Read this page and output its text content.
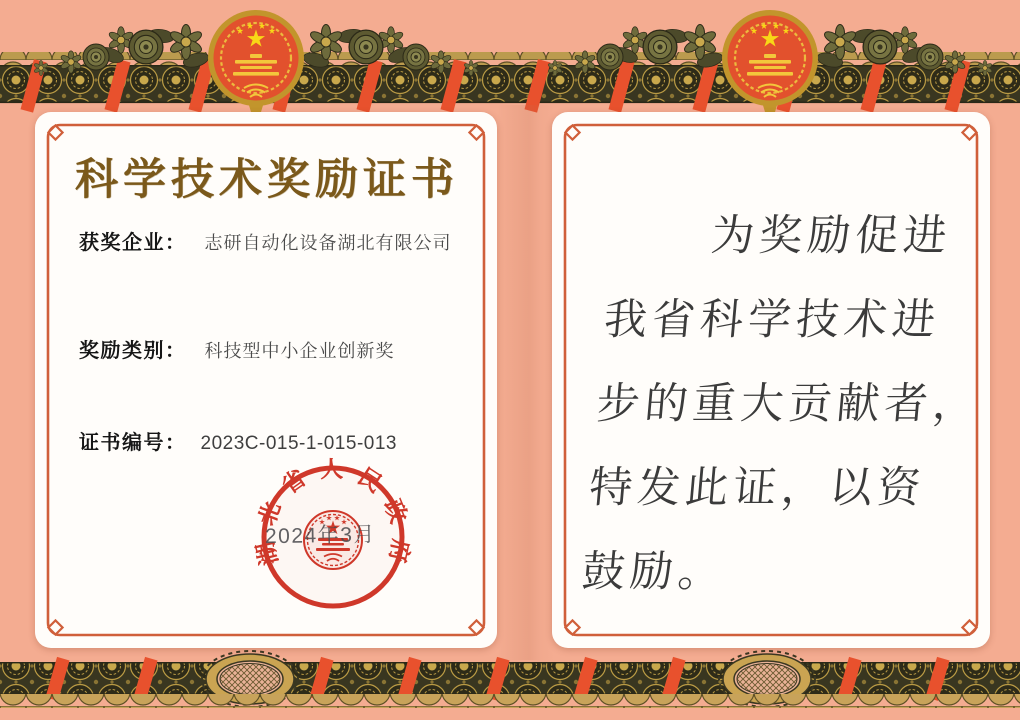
科学技术奖励证书
获奖企业： 志研自动化设备湖北有限公司
奖励类别： 科技型中小企业创新奖
证书编号： 2023C-015-1-015-013
湖北省人民政府
2024年3月
为奖励促进
我省科学技术进
步的重大贡献者，
特发此证，以资
鼓励。
